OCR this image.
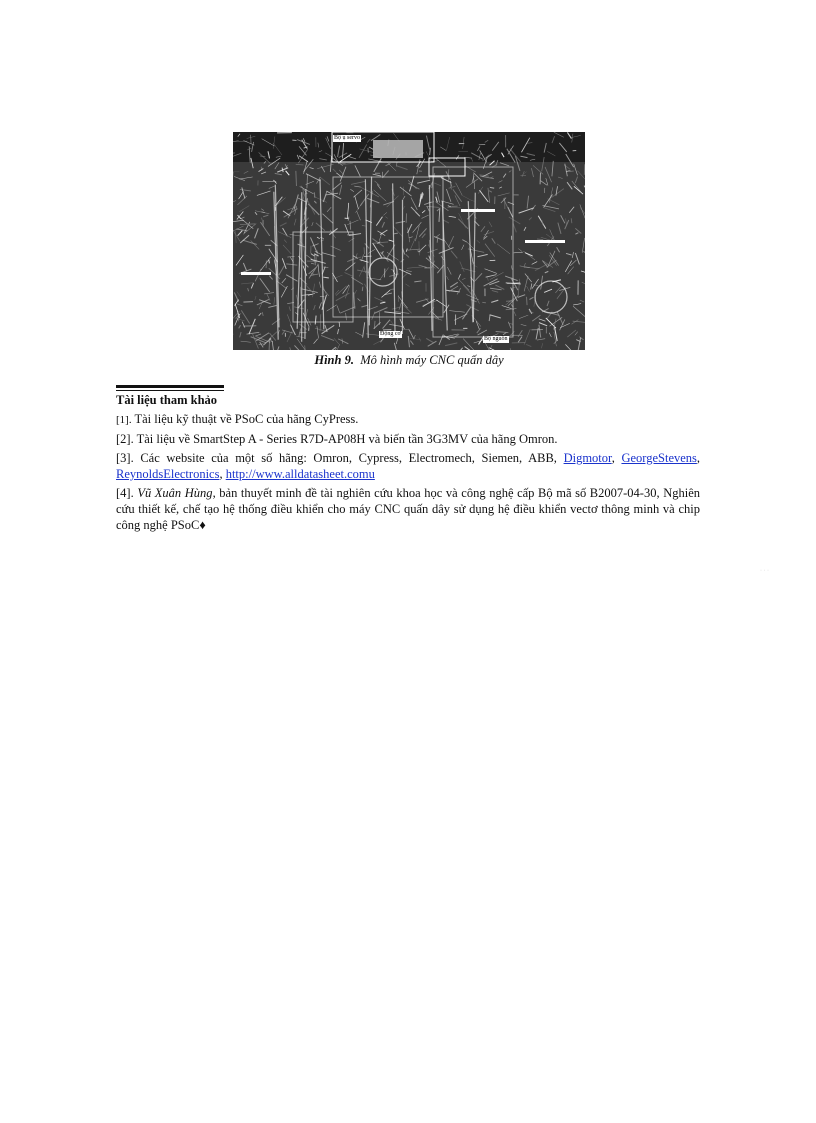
Bộ ụ servo
Động cơ
Bộ nguồn
Hình 9. Mô hình máy CNC quấn dây
Tài liệu tham khảo

[1]. Tài liệu kỹ thuật về PSoC của hãng CyPress.

[2]. Tài liệu về SmartStep A - Series R7D-AP08H và biến tần 3G3MV của hãng Omron.

[3]. Các website của một số hãng: Omron, Cypress, Electromech, Siemen, ABB, Digmotor, GeorgeStevens, ReynoldsElectronics, http://www.alldatasheet.comu

[4]. Vũ Xuân Hùng, bản thuyết minh đề tài nghiên cứu khoa học và công nghệ cấp Bộ mã số B2007-04-30, Nghiên cứu thiết kế, chế tạo hệ thống điều khiển cho máy CNC quấn dây sử dụng hệ điều khiển vectơ thông minh và chip công nghệ PSoC♦

· · ·
